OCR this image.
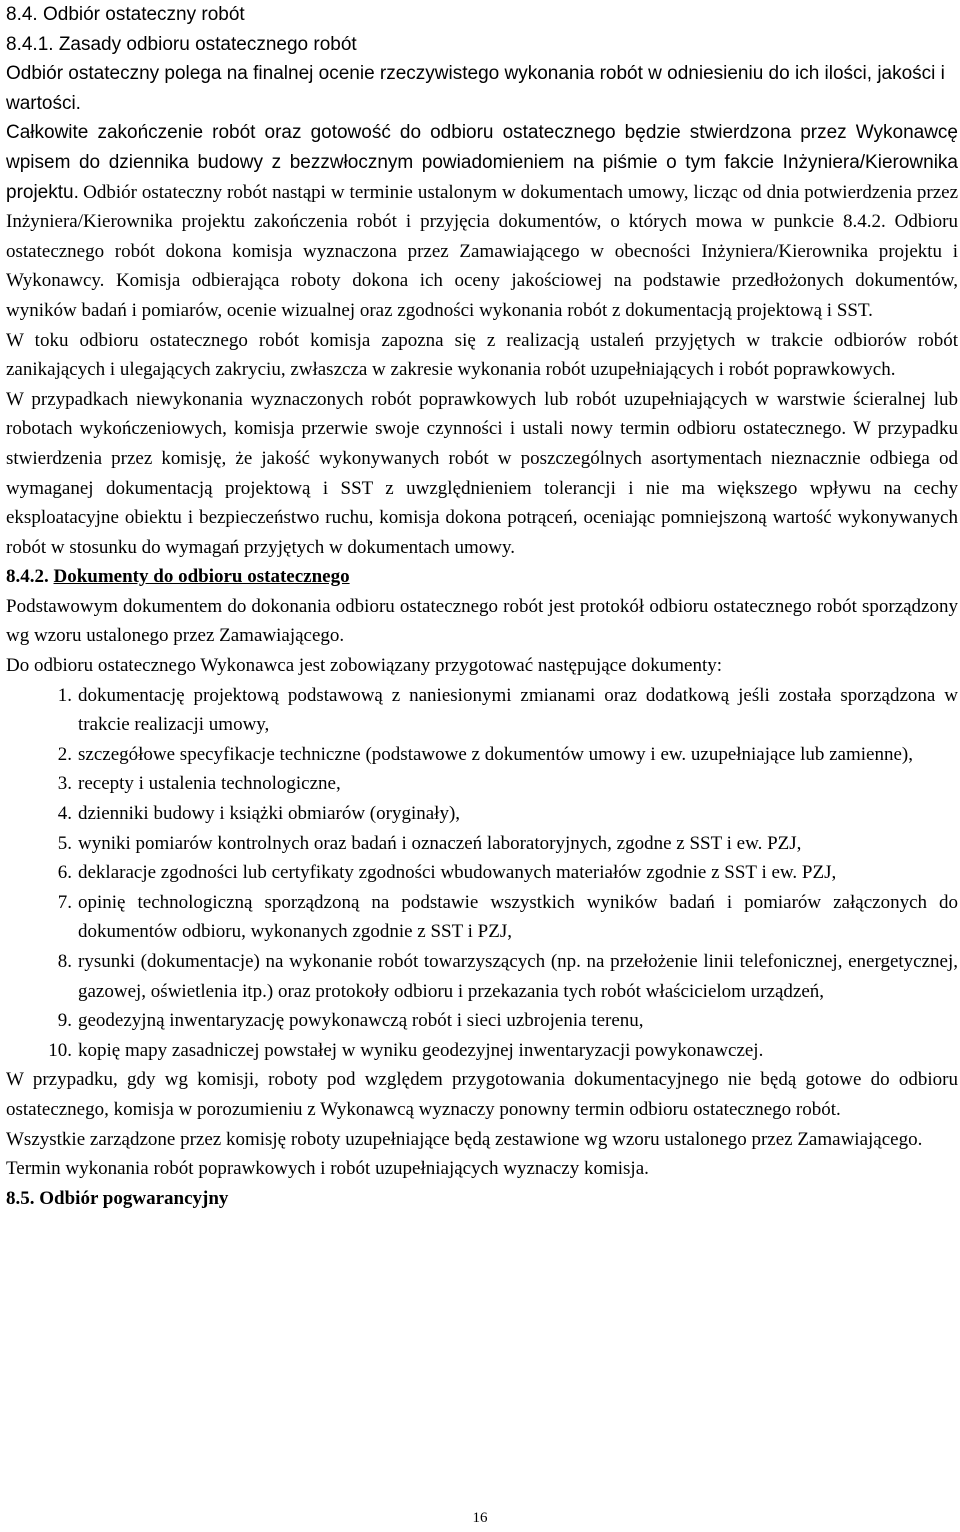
8.4. Odbiór ostateczny robót

8.4.1. Zasady odbioru ostatecznego robót

Odbiór ostateczny polega na finalnej ocenie rzeczywistego wykonania robót w odniesieniu do ich ilości, jakości i wartości.

Całkowite zakończenie robót oraz gotowość do odbioru ostatecznego będzie stwierdzona przez Wykonawcę wpisem do dziennika budowy z bezzwłocznym powiadomieniem na piśmie o tym fakcie Inżyniera/Kierownika projektu. Odbiór ostateczny robót nastąpi w terminie ustalonym w dokumentach umowy, licząc od dnia potwierdzenia przez Inżyniera/Kierownika projektu zakończenia robót i przyjęcia dokumentów, o których mowa w punkcie 8.4.2. Odbioru ostatecznego robót dokona komisja wyznaczona przez Zamawiającego w obecności Inżyniera/Kierownika projektu i Wykonawcy. Komisja odbierająca roboty dokona ich oceny jakościowej na podstawie przedłożonych dokumentów, wyników badań i pomiarów, ocenie wizualnej oraz zgodności wykonania robót z dokumentacją projektową i SST.

W toku odbioru ostatecznego robót komisja zapozna się z realizacją ustaleń przyjętych w trakcie odbiorów robót zanikających i ulegających zakryciu, zwłaszcza w zakresie wykonania robót uzupełniających i robót poprawkowych.

W przypadkach niewykonania wyznaczonych robót poprawkowych lub robót uzupełniających w warstwie ścieralnej lub robotach wykończeniowych, komisja przerwie swoje czynności i ustali nowy termin odbioru ostatecznego. W przypadku stwierdzenia przez komisję, że jakość wykonywanych robót w poszczególnych asortymentach nieznacznie odbiega od wymaganej dokumentacją projektową i SST z uwzględnieniem tolerancji i nie ma większego wpływu na cechy eksploatacyjne obiektu i bezpieczeństwo ruchu, komisja dokona potrąceń, oceniając pomniejszoną wartość wykonywanych robót w stosunku do wymagań przyjętych w dokumentach umowy.

8.4.2. Dokumenty do odbioru ostatecznego

Podstawowym dokumentem do dokonania odbioru ostatecznego robót jest protokół odbioru ostatecznego robót sporządzony wg wzoru ustalonego przez Zamawiającego.

Do odbioru ostatecznego Wykonawca jest zobowiązany przygotować następujące dokumenty:

1. dokumentację projektową podstawową z naniesionymi zmianami oraz dodatkową jeśli została sporządzona w trakcie realizacji umowy,
2. szczegółowe specyfikacje techniczne (podstawowe z dokumentów umowy i ew. uzupełniające lub zamienne),
3. recepty i ustalenia technologiczne,
4. dzienniki budowy i książki obmiarów (oryginały),
5. wyniki pomiarów kontrolnych oraz badań i oznaczeń laboratoryjnych, zgodne z SST i ew. PZJ,
6. deklaracje zgodności lub certyfikaty zgodności wbudowanych materiałów zgodnie z SST i ew. PZJ,
7. opinię technologiczną sporządzoną na podstawie wszystkich wyników badań i pomiarów załączonych do dokumentów odbioru, wykonanych zgodnie z SST i PZJ,
8. rysunki (dokumentacje) na wykonanie robót towarzyszących (np. na przełożenie linii telefonicznej, energetycznej, gazowej, oświetlenia itp.) oraz protokoły odbioru i przekazania tych robót właścicielom urządzeń,
9. geodezyjną inwentaryzację powykonawczą robót i sieci uzbrojenia terenu,
10. kopię mapy zasadniczej powstałej w wyniku geodezyjnej inwentaryzacji powykonawczej.

W przypadku, gdy wg komisji, roboty pod względem przygotowania dokumentacyjnego nie będą gotowe do odbioru ostatecznego, komisja w porozumieniu z Wykonawcą wyznaczy ponowny termin odbioru ostatecznego robót.

Wszystkie zarządzone przez komisję roboty uzupełniające będą zestawione wg wzoru ustalonego przez Zamawiającego.

Termin wykonania robót poprawkowych i robót uzupełniających wyznaczy komisja.

8.5. Odbiór pogwarancyjny

16
